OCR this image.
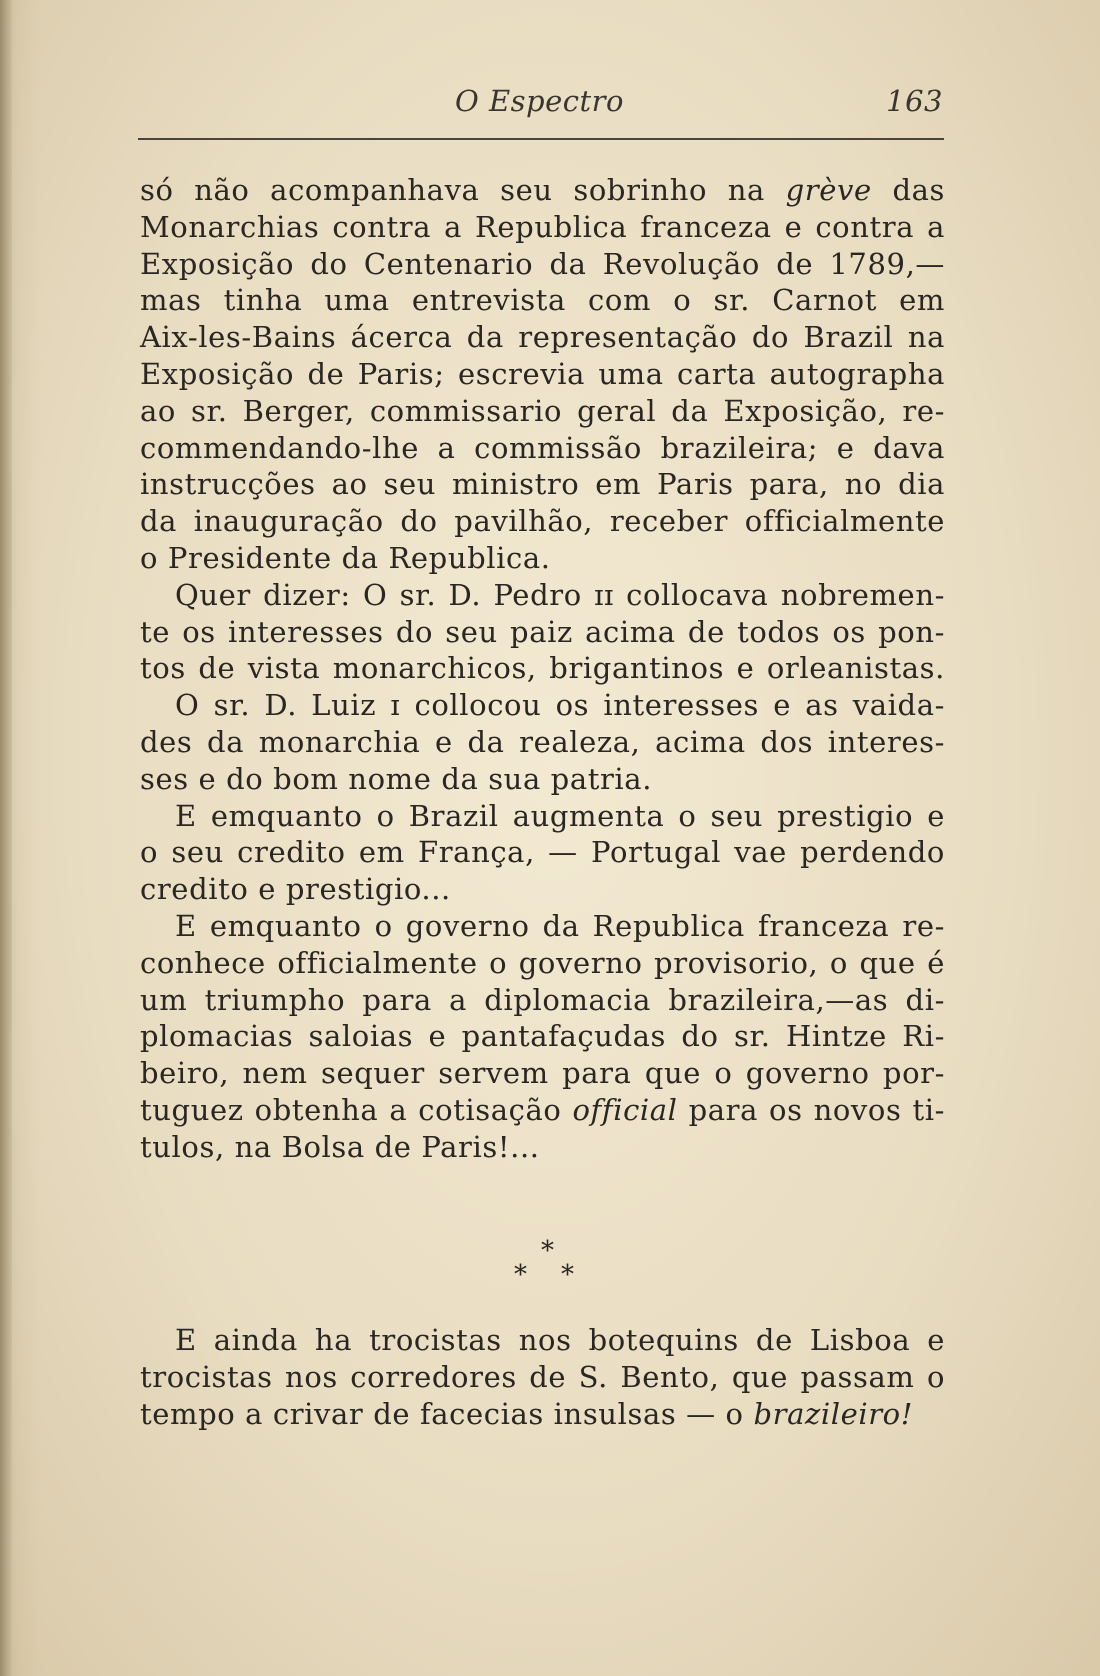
O Espectro	163
só não acompanhava seu sobrinho na grève das
Monarchias contra a Republica franceza e contra a
Exposição do Centenario da Revolução de 1789,—
mas tinha uma entrevista com o sr. Carnot em
Aix-les-Bains ácerca da representação do Brazil na
Exposição de Paris; escrevia uma carta autographa
ao sr. Berger, commissario geral da Exposição, re-
commendando-lhe a commissão brazileira; e dava
instrucções ao seu ministro em Paris para, no dia
da inauguração do pavilhão, receber officialmente
o Presidente da Republica.
Quer dizer: O sr. D. Pedro ɪɪ collocava nobremen-
te os interesses do seu paiz acima de todos os pon-
tos de vista monarchicos, brigantinos e orleanistas.
O sr. D. Luiz ɪ collocou os interesses e as vaida-
des da monarchia e da realeza, acima dos interes-
ses e do bom nome da sua patria.
E emquanto o Brazil augmenta o seu prestigio e
o seu credito em França, — Portugal vae perdendo
credito e prestigio...
E emquanto o governo da Republica franceza re-
conhece officialmente o governo provisorio, o que é
um triumpho para a diplomacia brazileira,—as di-
plomacias saloias e pantafaçudas do sr. Hintze Ri-
beiro, nem sequer servem para que o governo por-
tuguez obtenha a cotisação official para os novos ti-
tulos, na Bolsa de Paris!...
*
* *
E ainda ha trocistas nos botequins de Lisboa e
trocistas nos corredores de S. Bento, que passam o
tempo a crivar de facecias insulsas — o brazileiro!
